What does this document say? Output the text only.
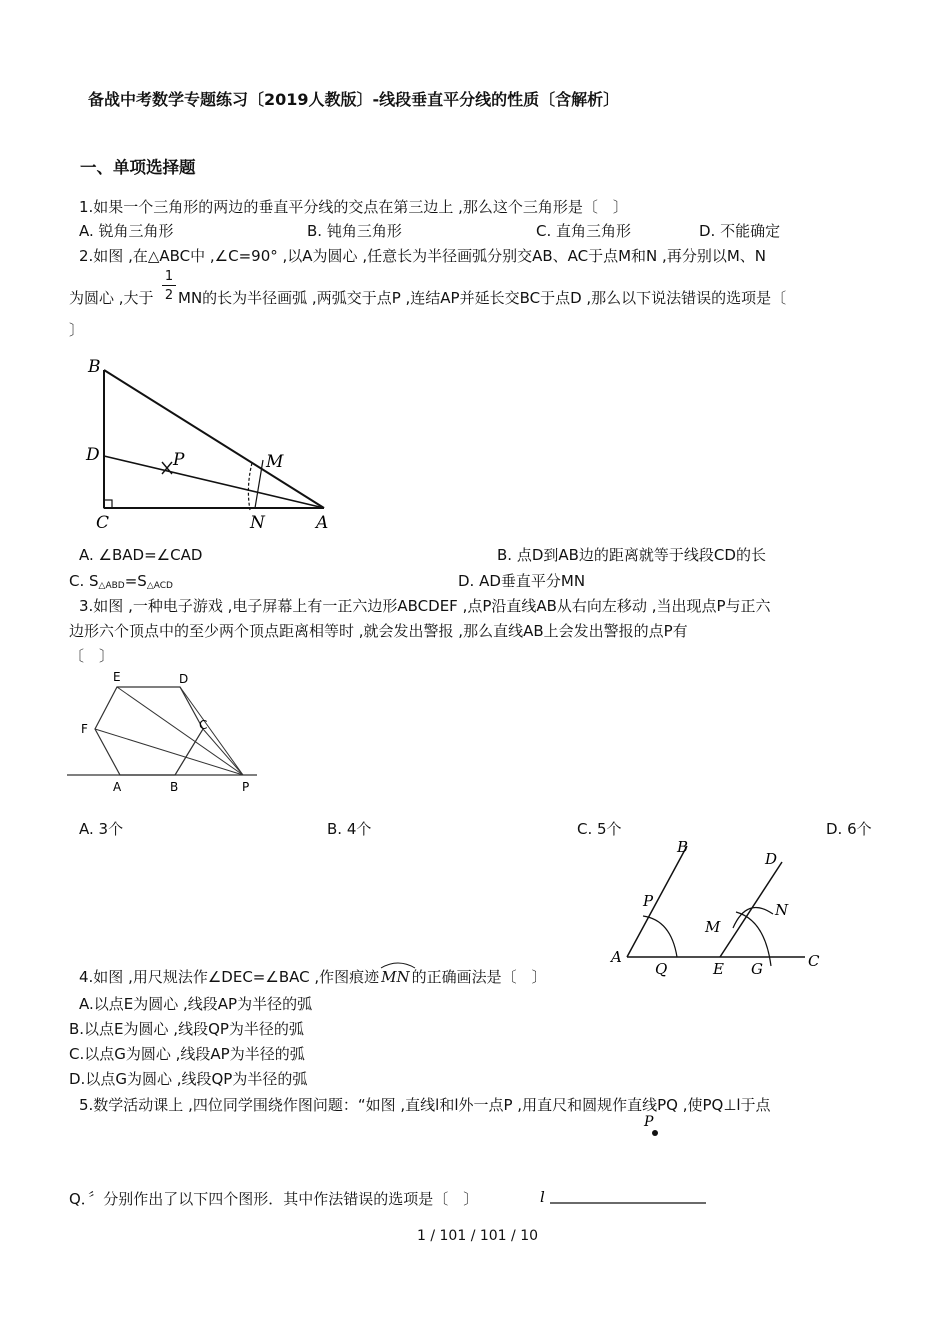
备战中考数学专题练习〔2019人教版〕-线段垂直平分线的性质〔含解析〕
一、单项选择题
1.如果一个三角形的两边的垂直平分线的交点在第三边上 ,那么这个三角形是〔　〕
A. 锐角三角形	B. 钝角三角形	C. 直角三角形	D. 不能确定
2.如图 ,在△ABC中 ,∠C=90° ,以A为圆心 ,任意长为半径画弧分别交AB、AC于点M和N ,再分别以M、N
为圆心 ,大于
1
2 MN的长为半径画弧 ,两弧交于点P ,连结AP并延长交BC于点D ,那么以下说法错误的选项是〔
〕
B
D
C
P	M
N	A
A. ∠BAD=∠CAD	B. 点D到AB边的距离就等于线段CD的长
C. $S_{\triangle ABD}=S_{\triangle ACD}$	D. AD垂直平分MN
3.如图 ,一种电子游戏 ,电子屏幕上有一正六边形ABCDEF ,点P沿直线AB从右向左移动 ,当出现点P与正六
边形六个顶点中的至少两个顶点距离相等时 ,就会发出警报 ,那么直线AB上会发出警报的点P有
〔　〕
E	D
F	C
A	B	P
A. 3个	B. 4个	C. 5个	D. 6个
B
P
A
Q
D
N
M
E G	C
4.如图 ,用尺规法作∠DEC=∠BAC ,作图痕迹 MN 的正确画法是〔　〕
A.以点E为圆心 ,线段AP为半径的弧
B.以点E为圆心 ,线段QP为半径的弧
C.以点G为圆心 ,线段AP为半径的弧
D.以点G为圆心 ,线段QP为半径的弧
5.数学活动课上 ,四位同学围绕作图问题：“如图 ,直线l和l外一点P ,用直尺和圆规作直线PQ ,使PQ⊥l于点
P
Q．〞分别作出了以下四个图形．其中作法错误的选项是〔　〕	l
1 / 101 / 101 / 10
